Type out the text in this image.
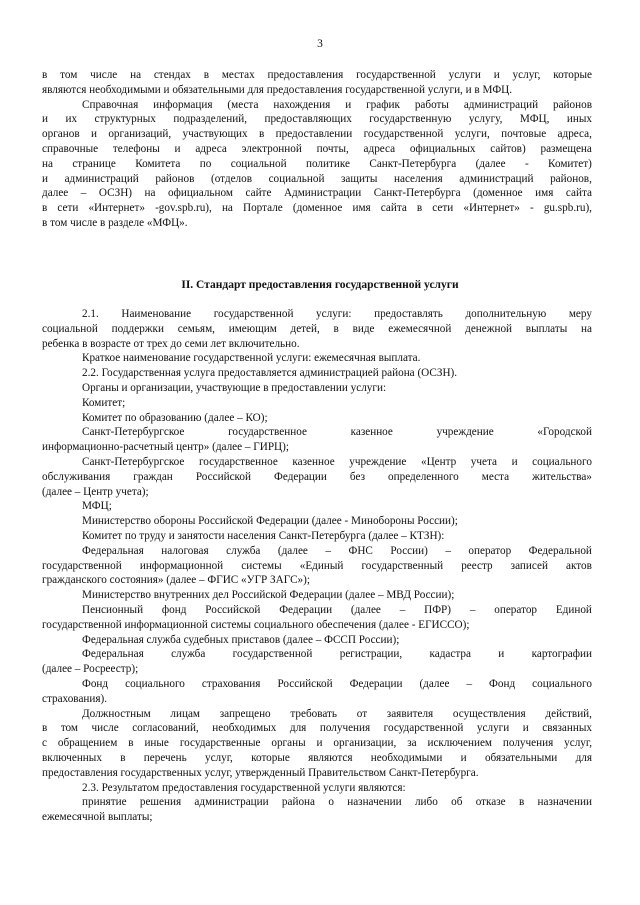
3
в том числе на стендах в местах предоставления государственной услуги и услуг, которые
являются необходимыми и обязательными для предоставления государственной услуги, и в МФЦ.
Справочная информация (места нахождения и график работы администраций районов
и их структурных подразделений, предоставляющих государственную услугу, МФЦ, иных
органов и организаций, участвующих в предоставлении государственной услуги, почтовые адреса,
справочные телефоны и адреса электронной почты, адреса официальных сайтов) размещена
на странице Комитета по социальной политике Санкт-Петербурга (далее - Комитет)
и администраций районов (отделов социальной защиты населения администраций районов,
далее – ОСЗН) на официальном сайте Администрации Санкт-Петербурга (доменное имя сайта
в сети «Интернет» -gov.spb.ru), на Портале (доменное имя сайта в сети «Интернет» - gu.spb.ru),
в том числе в разделе «МФЦ».
II. Стандарт предоставления государственной услуги
2.1. Наименование государственной услуги: предоставлять дополнительную меру
социальной поддержки семьям, имеющим детей, в виде ежемесячной денежной выплаты на
ребенка в возрасте от трех до семи лет включительно.
Краткое наименование государственной услуги: ежемесячная выплата.
2.2. Государственная услуга предоставляется администрацией района (ОСЗН).
Органы и организации, участвующие в предоставлении услуги:
Комитет;
Комитет по образованию (далее – КО);
Санкт-Петербургское	государственное	казенное	учреждение	«Городской
информационно-расчетный центр» (далее – ГИРЦ);
Санкт-Петербургское государственное казенное учреждение «Центр учета и социального
обслуживания граждан Российской Федерации без определенного места жительства»
(далее – Центр учета);
МФЦ;
Министерство обороны Российской Федерации (далее - Минобороны России);
Комитет по труду и занятости населения Санкт-Петербурга (далее – КТЗН):
Федеральная налоговая служба (далее – ФНС России) – оператор Федеральной
государственной информационной системы «Единый государственный реестр записей актов
гражданского состояния» (далее – ФГИС «УГР ЗАГС»);
Министерство внутренних дел Российской Федерации (далее – МВД России);
Пенсионный фонд Российской Федерации (далее – ПФР) – оператор Единой
государственной информационной системы социального обеспечения (далее - ЕГИССО);
Федеральная служба судебных приставов (далее – ФССП России);
Федеральная служба государственной регистрации, кадастра и картографии
(далее – Росреестр);
Фонд социального страхования Российской Федерации (далее – Фонд социального
страхования).
Должностным лицам запрещено требовать от заявителя осуществления действий,
в том числе согласований, необходимых для получения государственной услуги и связанных
с обращением в иные государственные органы и организации, за исключением получения услуг,
включенных в перечень услуг, которые являются необходимыми и обязательными для
предоставления государственных услуг, утвержденный Правительством Санкт-Петербурга.
2.3. Результатом предоставления государственной услуги являются:
принятие решения администрации района о назначении либо об отказе в назначении
ежемесячной выплаты;
